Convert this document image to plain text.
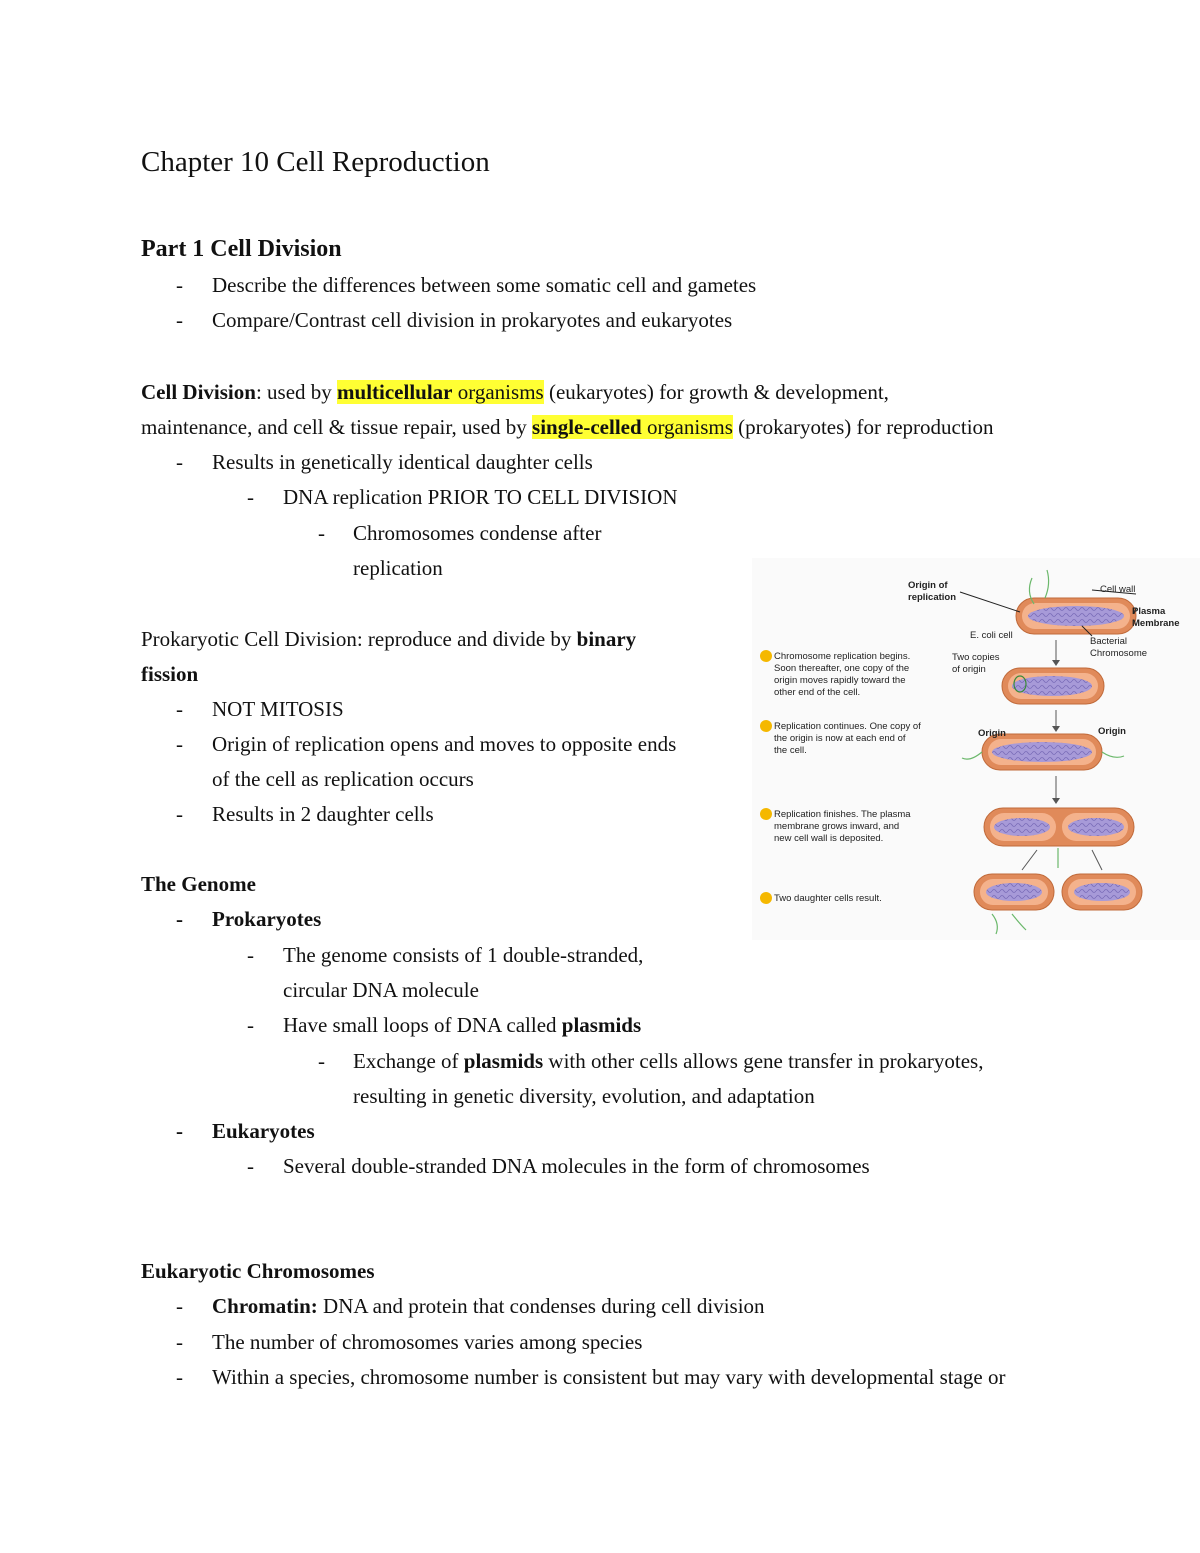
Chapter 10 Cell Reproduction
Part 1 Cell Division
- Describe the differences between some somatic cell and gametes
- Compare/Contrast cell division in prokaryotes and eukaryotes
Cell Division: used by multicellular organisms (eukaryotes) for growth & development,
maintenance, and cell & tissue repair, used by single-celled organisms (prokaryotes) for reproduction
- Results in genetically identical daughter cells
- DNA replication PRIOR TO CELL DIVISION
- Chromosomes condense after
replication
Prokaryotic Cell Division: reproduce and divide by binary
fission
- NOT MITOSIS
- Origin of replication opens and moves to opposite ends
of the cell as replication occurs
- Results in 2 daughter cells
The Genome
- Prokaryotes
- The genome consists of 1 double-stranded,
circular DNA molecule
- Have small loops of DNA called plasmids
- Exchange of plasmids with other cells allows gene transfer in prokaryotes,
resulting in genetic diversity, evolution, and adaptation
- Eukaryotes
- Several double-stranded DNA molecules in the form of chromosomes
Eukaryotic Chromosomes
- Chromatin: DNA and protein that condenses during cell division
- The number of chromosomes varies among species
- Within a species, chromosome number is consistent but may vary with developmental stage or
Origin of
replication
Cell wall
Plasma
Membrane
E. coli cell
Bacterial
Chromosome
Two copies
of origin
Origin	Origin
Chromosome replication begins.
Soon thereafter, one copy of the
origin moves rapidly toward the
other end of the cell.
Replication continues. One copy of
the origin is now at each end of
the cell.
Replication finishes. The plasma
membrane grows inward, and
new cell wall is deposited.
Two daughter cells result.
